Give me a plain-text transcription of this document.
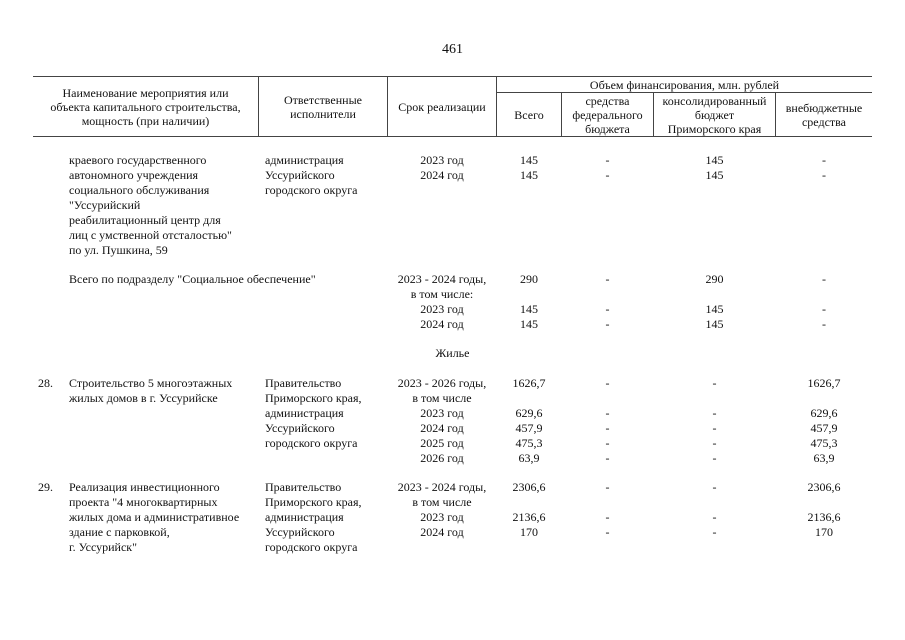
461
Наименование мероприятия или
объекта капитального строительства,
мощность (при наличии)
Ответственные
исполнители	Срок реализации
Объем финансирования, млн. рублей
Всего
средства
федерального
бюджета
консолидированный
бюджет
Приморского края
внебюджетные
средства
краевого государственного
автономного учреждения
социального обслуживания
"Уссурийский
реабилитационный центр для
лиц с умственной отсталостью"
по ул. Пушкина, 59
администрация
Уссурийского
городского округа
2023 год
2024 год
145
145
-
-
145
145
-
-
Всего по подразделу "Социальное обеспечение"	2023 - 2024 годы,
в том числе:
2023 год
2024 год
290

145
145
-

-
-
290

145
145
-

-
-
Жилье
28. Строительство 5 многоэтажных
жилых домов в г. Уссурийске
Правительство
Приморского края,
администрация
Уссурийского
городского округа
2023 - 2026 годы,
в том числе
2023 год
2024 год
2025 год
2026 год
1626,7

629,6
457,9
475,3
63,9
-

-
-
-
-
-

-
-
-
-
1626,7

629,6
457,9
475,3
63,9
29. Реализация инвестиционного
проекта "4 многоквартирных
жилых дома и административное
здание с парковкой,
г. Уссурийск"
Правительство
Приморского края,
администрация
Уссурийского
городского округа
2023 - 2024 годы,
в том числе
2023 год
2024 год
2306,6

2136,6
170
-

-
-
-

-
-
2306,6

2136,6
170
